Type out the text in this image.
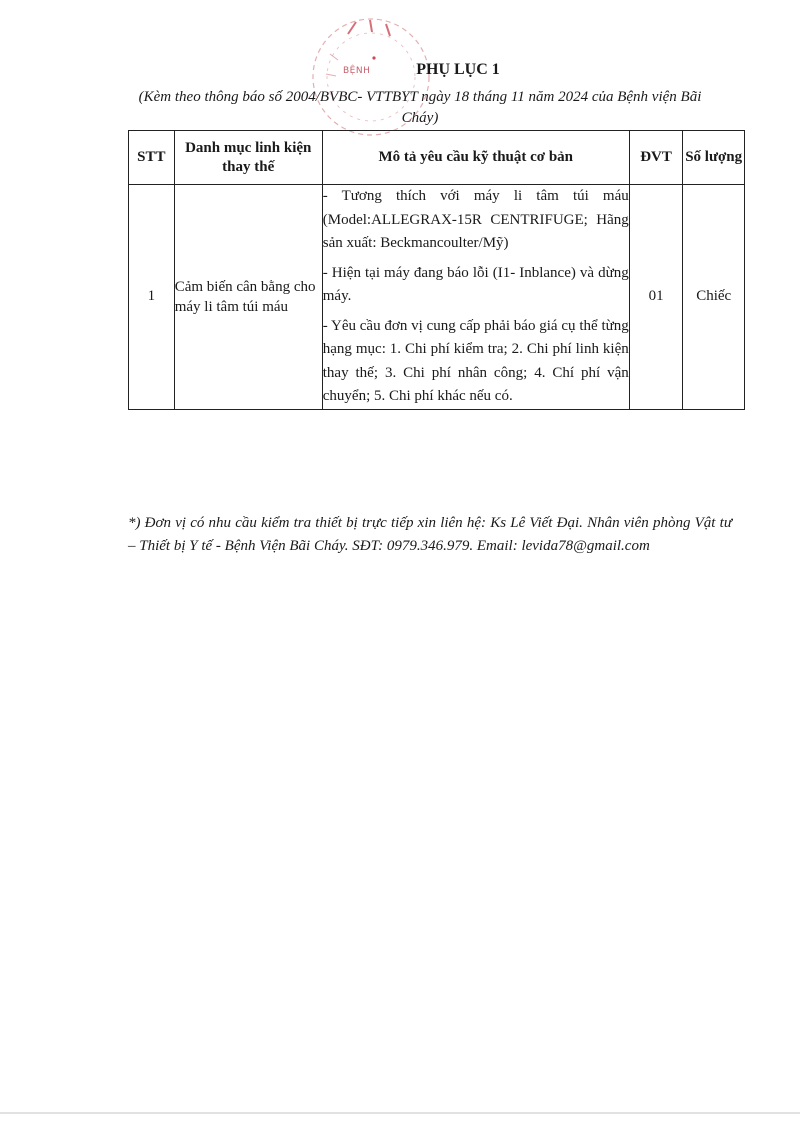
BỆNH	PHỤ LỤC 1
(Kèm theo thông báo số 2004/BVBC- VTTBYT ngày 18 tháng 11 năm 2024 của Bệnh viện Bãi Cháy)
STT	Danh mục linh kiện thay thế	Mô tả yêu cầu kỹ thuật cơ bản	ĐVT	Số lượng
1	Cảm biến cân bằng cho máy li tâm túi máu	- Tương thích với máy li tâm túi máu (Model:ALLEGRAX-15R CENTRIFUGE; Hãng sản xuất: Beckmancoulter/Mỹ)

- Hiện tại máy đang báo lỗi (I1- Inblance) và dừng máy.

- Yêu cầu đơn vị cung cấp phải báo giá cụ thể từng hạng mục: 1. Chi phí kiểm tra; 2. Chi phí linh kiện thay thế; 3. Chi phí nhân công; 4. Chí phí vận chuyển; 5. Chi phí khác nếu có.	01	Chiếc
*) Đơn vị có nhu cầu kiểm tra thiết bị trực tiếp xin liên hệ: Ks Lê Viết Đại. Nhân viên phòng Vật tư – Thiết bị Y tế - Bệnh Viện Bãi Cháy. SĐT: 0979.346.979. Email: levida78@gmail.com
